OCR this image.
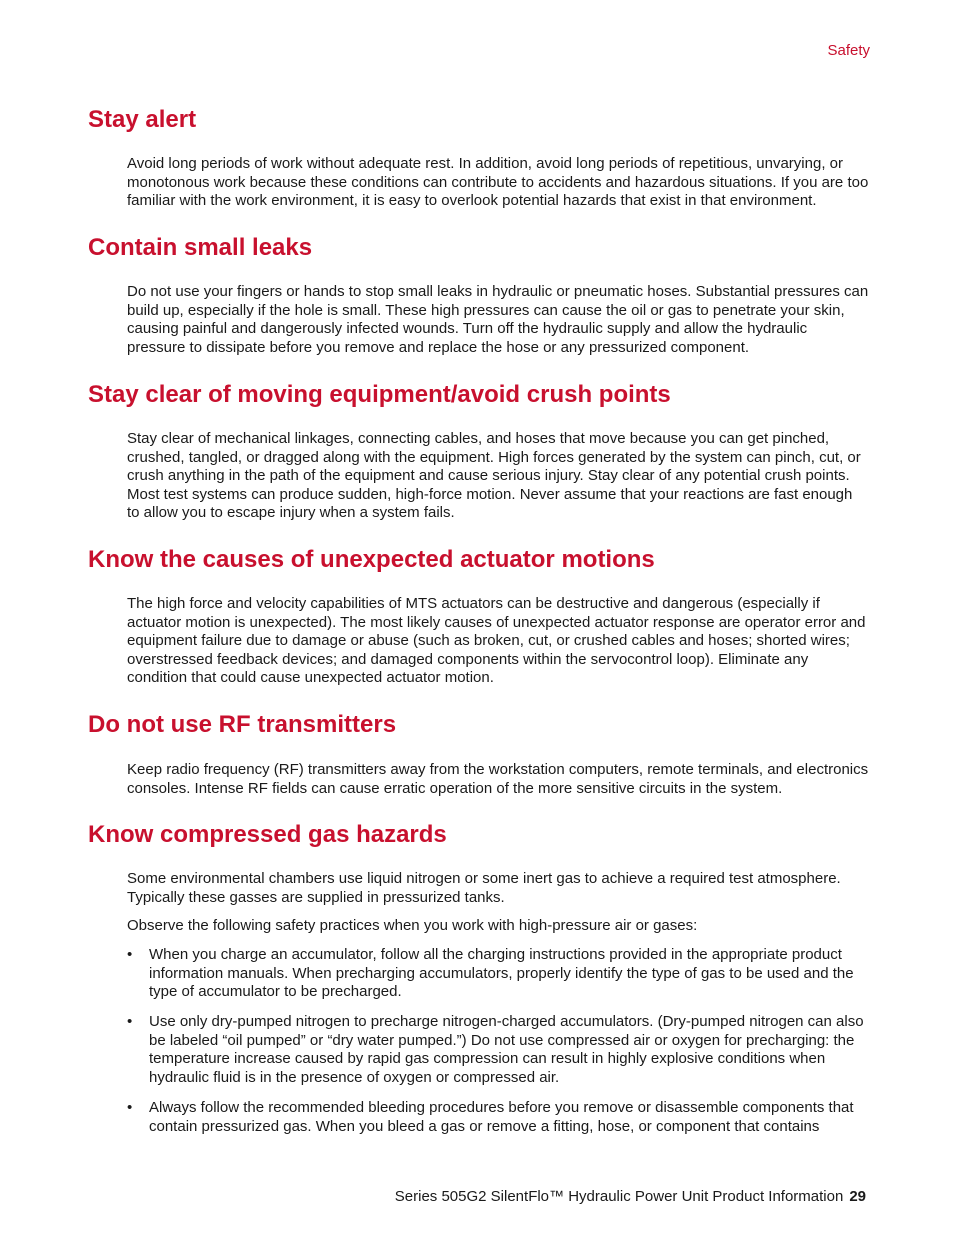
Safety
Stay alert

Avoid long periods of work without adequate rest. In addition, avoid long periods of repetitious, unvarying, or monotonous work because these conditions can contribute to accidents and hazardous situations. If you are too familiar with the work environment, it is easy to overlook potential hazards that exist in that environment.

Contain small leaks

Do not use your fingers or hands to stop small leaks in hydraulic or pneumatic hoses. Substantial pressures can build up, especially if the hole is small. These high pressures can cause the oil or gas to penetrate your skin, causing painful and dangerously infected wounds. Turn off the hydraulic supply and allow the hydraulic pressure to dissipate before you remove and replace the hose or any pressurized component.

Stay clear of moving equipment/avoid crush points

Stay clear of mechanical linkages, connecting cables, and hoses that move because you can get pinched, crushed, tangled, or dragged along with the equipment. High forces generated by the system can pinch, cut, or crush anything in the path of the equipment and cause serious injury. Stay clear of any potential crush points. Most test systems can produce sudden, high-force motion. Never assume that your reactions are fast enough to allow you to escape injury when a system fails.

Know the causes of unexpected actuator motions

The high force and velocity capabilities of MTS actuators can be destructive and dangerous (especially if actuator motion is unexpected). The most likely causes of unexpected actuator response are operator error and equipment failure due to damage or abuse (such as broken, cut, or crushed cables and hoses; shorted wires; overstressed feedback devices; and damaged components within the servocontrol loop). Eliminate any condition that could cause unexpected actuator motion.

Do not use RF transmitters

Keep radio frequency (RF) transmitters away from the workstation computers, remote terminals, and electronics consoles. Intense RF fields can cause erratic operation of the more sensitive circuits in the system.

Know compressed gas hazards

Some environmental chambers use liquid nitrogen or some inert gas to achieve a required test atmosphere. Typically these gasses are supplied in pressurized tanks.

Observe the following safety practices when you work with high-pressure air or gases:

• When you charge an accumulator, follow all the charging instructions provided in the appropriate product information manuals. When precharging accumulators, properly identify the type of gas to be used and the type of accumulator to be precharged.
• Use only dry-pumped nitrogen to precharge nitrogen-charged accumulators. (Dry-pumped nitrogen can also be labeled “oil pumped” or “dry water pumped.”) Do not use compressed air or oxygen for precharging: the temperature increase caused by rapid gas compression can result in highly explosive conditions when hydraulic fluid is in the presence of oxygen or compressed air.
• Always follow the recommended bleeding procedures before you remove or disassemble components that contain pressurized gas. When you bleed a gas or remove a fitting, hose, or component that contains
Series 505G2 SilentFlo™ Hydraulic Power Unit Product Information 29
